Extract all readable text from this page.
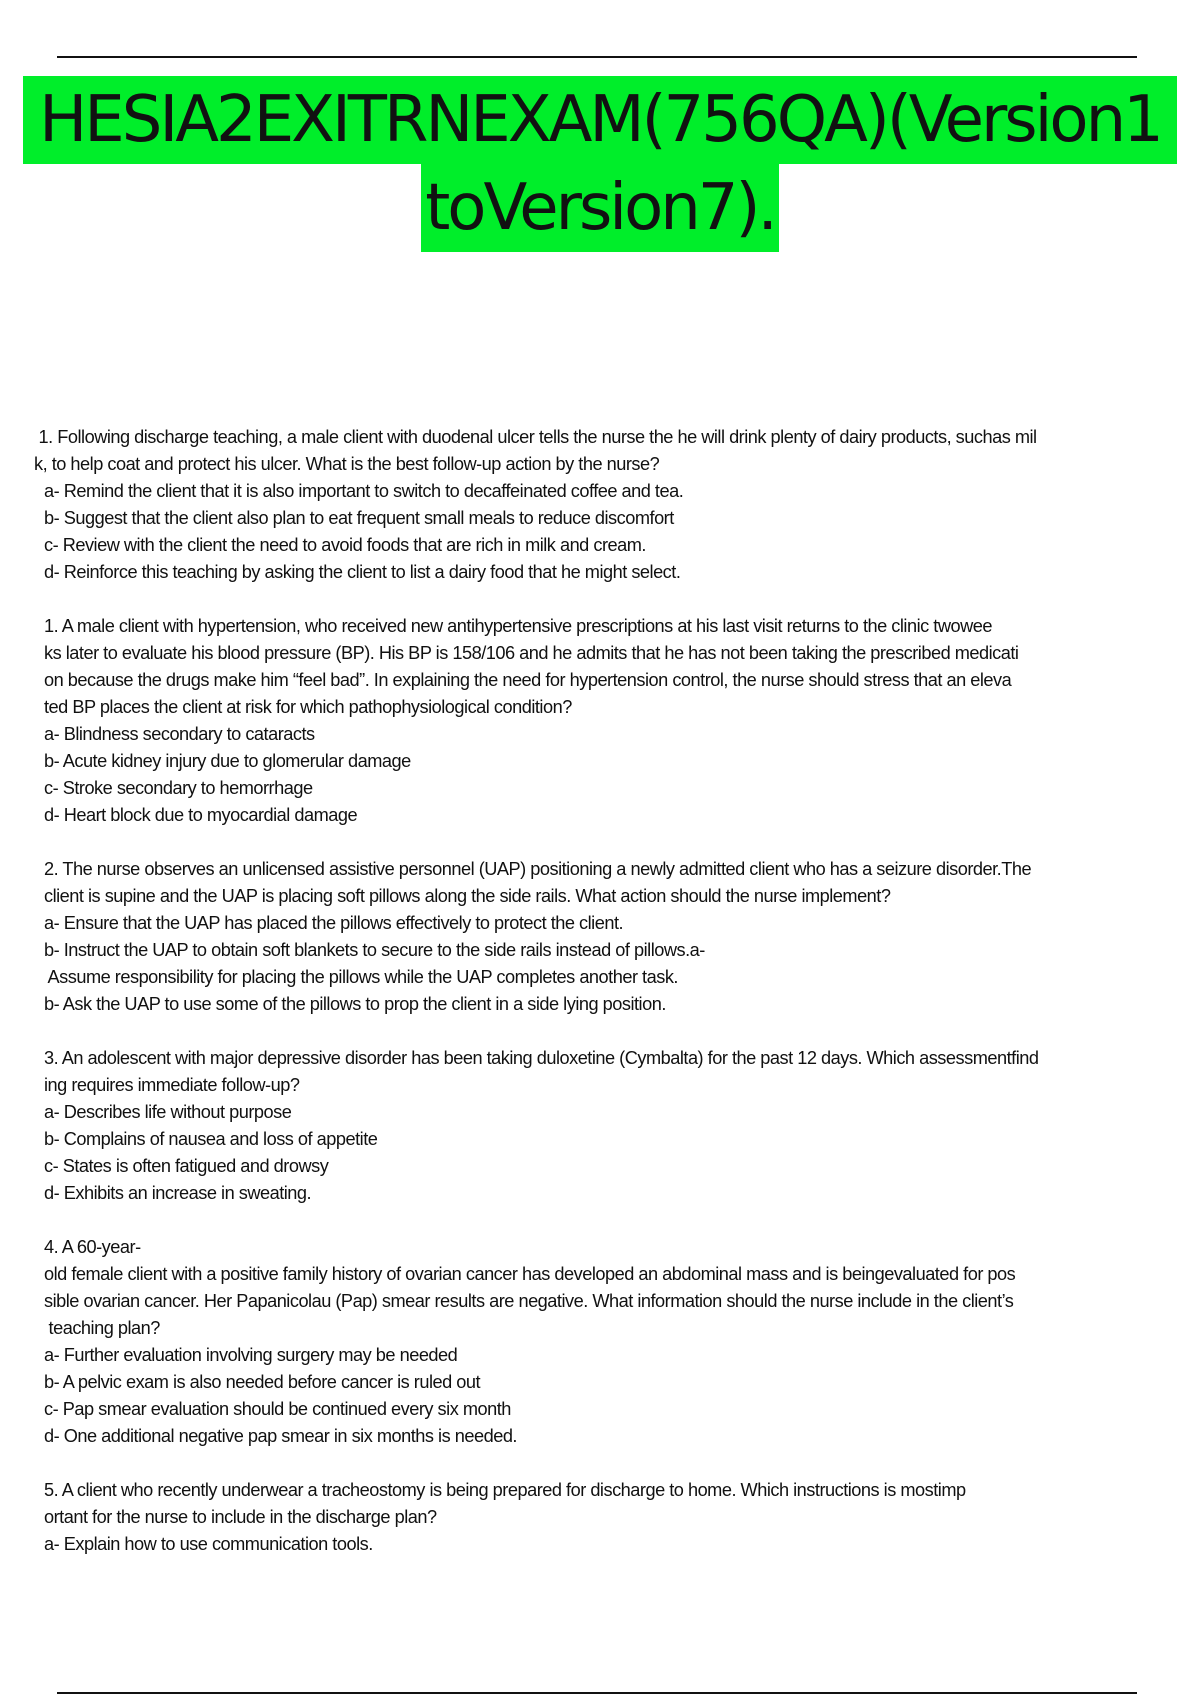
HESIA2EXITRNEXAM(756QA)(Version1
toVersion7).
1. Following discharge teaching, a male client with duodenal ulcer tells the nurse the he will drink plenty of dairy products, suchas mil
k, to help coat and protect his ulcer. What is the best follow-up action by the nurse?
a- Remind the client that it is also important to switch to decaffeinated coffee and tea.
b- Suggest that the client also plan to eat frequent small meals to reduce discomfort
c- Review with the client the need to avoid foods that are rich in milk and cream.
d- Reinforce this teaching by asking the client to list a dairy food that he might select.
1. A male client with hypertension, who received new antihypertensive prescriptions at his last visit returns to the clinic twowee
ks later to evaluate his blood pressure (BP). His BP is 158/106 and he admits that he has not been taking the prescribed medicati
on because the drugs make him “feel bad”. In explaining the need for hypertension control, the nurse should stress that an eleva
ted BP places the client at risk for which pathophysiological condition?
a- Blindness secondary to cataracts
b- Acute kidney injury due to glomerular damage
c- Stroke secondary to hemorrhage
d- Heart block due to myocardial damage
2. The nurse observes an unlicensed assistive personnel (UAP) positioning a newly admitted client who has a seizure disorder.The
client is supine and the UAP is placing soft pillows along the side rails. What action should the nurse implement?
a- Ensure that the UAP has placed the pillows effectively to protect the client.
b- Instruct the UAP to obtain soft blankets to secure to the side rails instead of pillows.a-
Assume responsibility for placing the pillows while the UAP completes another task.
b- Ask the UAP to use some of the pillows to prop the client in a side lying position.
3. An adolescent with major depressive disorder has been taking duloxetine (Cymbalta) for the past 12 days. Which assessmentfind
ing requires immediate follow-up?
a- Describes life without purpose
b- Complains of nausea and loss of appetite
c- States is often fatigued and drowsy
d- Exhibits an increase in sweating.
4. A 60-year-
old female client with a positive family history of ovarian cancer has developed an abdominal mass and is beingevaluated for pos
sible ovarian cancer. Her Papanicolau (Pap) smear results are negative. What information should the nurse include in the client’s
teaching plan?
a- Further evaluation involving surgery may be needed
b- A pelvic exam is also needed before cancer is ruled out
c- Pap smear evaluation should be continued every six month
d- One additional negative pap smear in six months is needed.
5. A client who recently underwear a tracheostomy is being prepared for discharge to home. Which instructions is mostimp
ortant for the nurse to include in the discharge plan?
a- Explain how to use communication tools.
